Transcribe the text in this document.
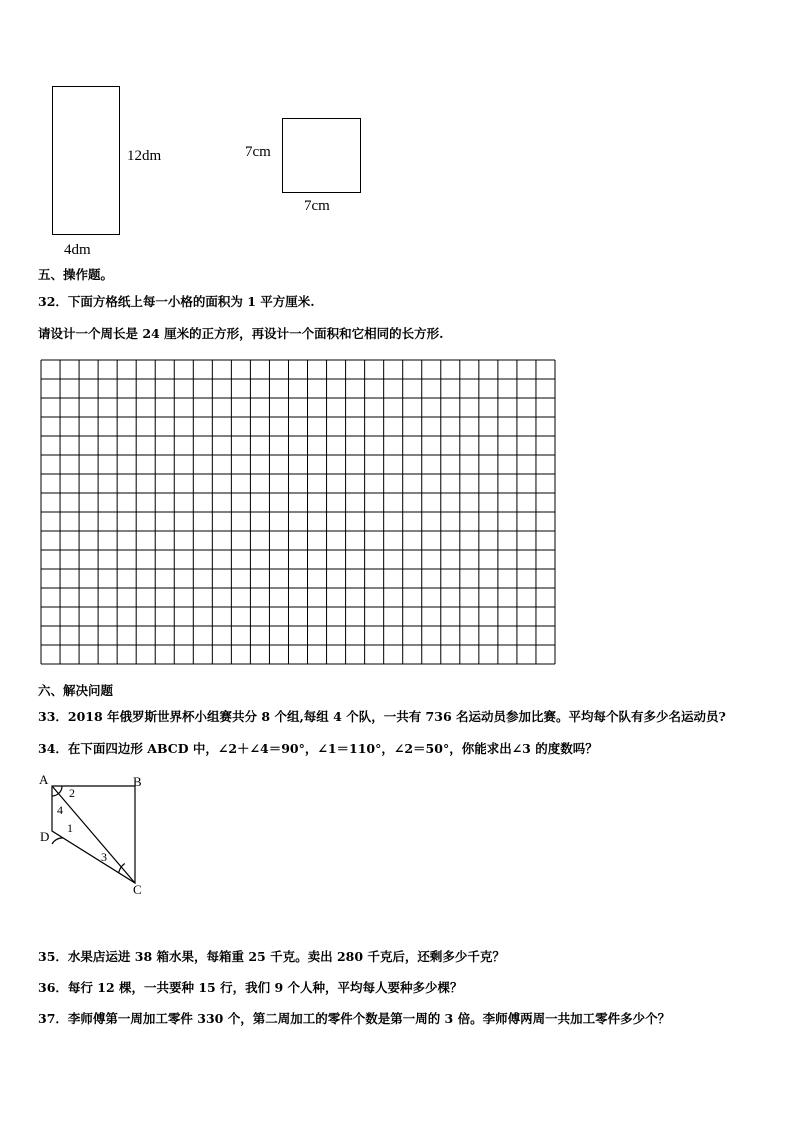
12dm
4dm
7cm
7cm
五、操作题。
32．下面方格纸上每一小格的面积为 1 平方厘米.
请设计一个周长是 24 厘米的正方形，再设计一个面积和它相同的长方形.
六、解决问题
33．2018 年俄罗斯世界杯小组赛共分 8 个组,每组 4 个队，一共有 736 名运动员参加比赛。平均每个队有多少名运动员?
34．在下面四边形 ABCD 中，∠2＋∠4＝90°，∠1＝110°，∠2＝50°，你能求出∠3 的度数吗？
A	B
C
D
2
4
1
3
35．水果店运进 38 箱水果，每箱重 25 千克。卖出 280 千克后，还剩多少千克？
36．每行 12 棵，一共要种 15 行，我们 9 个人种，平均每人要种多少棵？
37．李师傅第一周加工零件 330 个，第二周加工的零件个数是第一周的 3 倍。李师傅两周一共加工零件多少个？
